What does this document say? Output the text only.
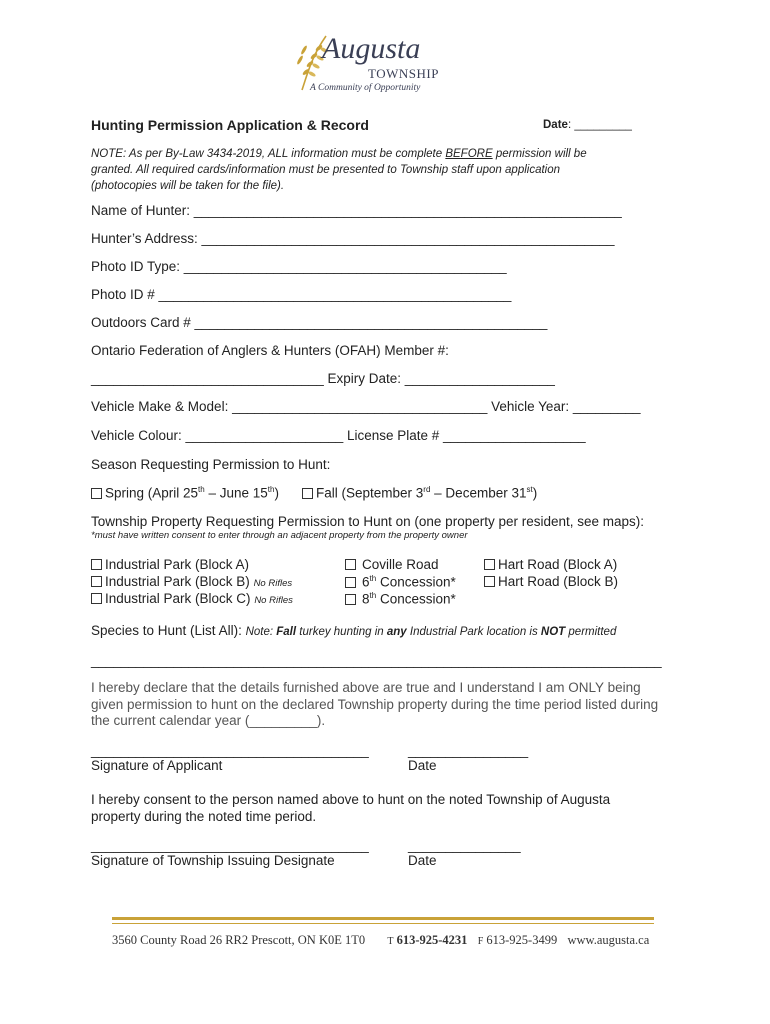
Augusta
TOWNSHIP
A Community of Opportunity
Hunting Permission Application & Record	Date: _________
NOTE: As per By-Law 3434-2019, ALL information must be complete BEFORE permission will be
granted. All required cards/information must be presented to Township staff upon application
(photocopies will be taken for the file).
Name of Hunter: _________________________________________________________
Hunter’s Address: _______________________________________________________
Photo ID Type: ___________________________________________
Photo ID # _______________________________________________
Outdoors Card # _______________________________________________
Ontario Federation of Anglers & Hunters (OFAH) Member #:
_______________________________ Expiry Date: ____________________
Vehicle Make & Model: __________________________________ Vehicle Year: _________
Vehicle Colour: _____________________ License Plate # ___________________
Season Requesting Permission to Hunt:
Spring (April 25th – June 15th)	Fall (September 3rd – December 31st)
Township Property Requesting Permission to Hunt on (one property per resident, see maps):
*must have written consent to enter through an adjacent property from the property owner
Industrial Park (Block A)
Industrial Park (Block B) No Rifles
Industrial Park (Block C) No Rifles
Coville Road
6th Concession*
8th Concession*
Hart Road (Block A)
Hart Road (Block B)
Species to Hunt (List All): Note: Fall turkey hunting in any Industrial Park location is NOT permitted
____________________________________________________________________________
I hereby declare that the details furnished above are true and I understand I am ONLY being
given permission to hunt on the declared Township property during the time period listed during
the current calendar year (_________).
_____________________________________	________________
Signature of Applicant	Date
I hereby consent to the person named above to hunt on the noted Township of Augusta
property during the noted time period.
_____________________________________	_______________
Signature of Township Issuing Designate	Date
3560 County Road 26 RR2 Prescott, ON K0E 1T0 T 613-925-4231 F 613-925-3499 www.augusta.ca
